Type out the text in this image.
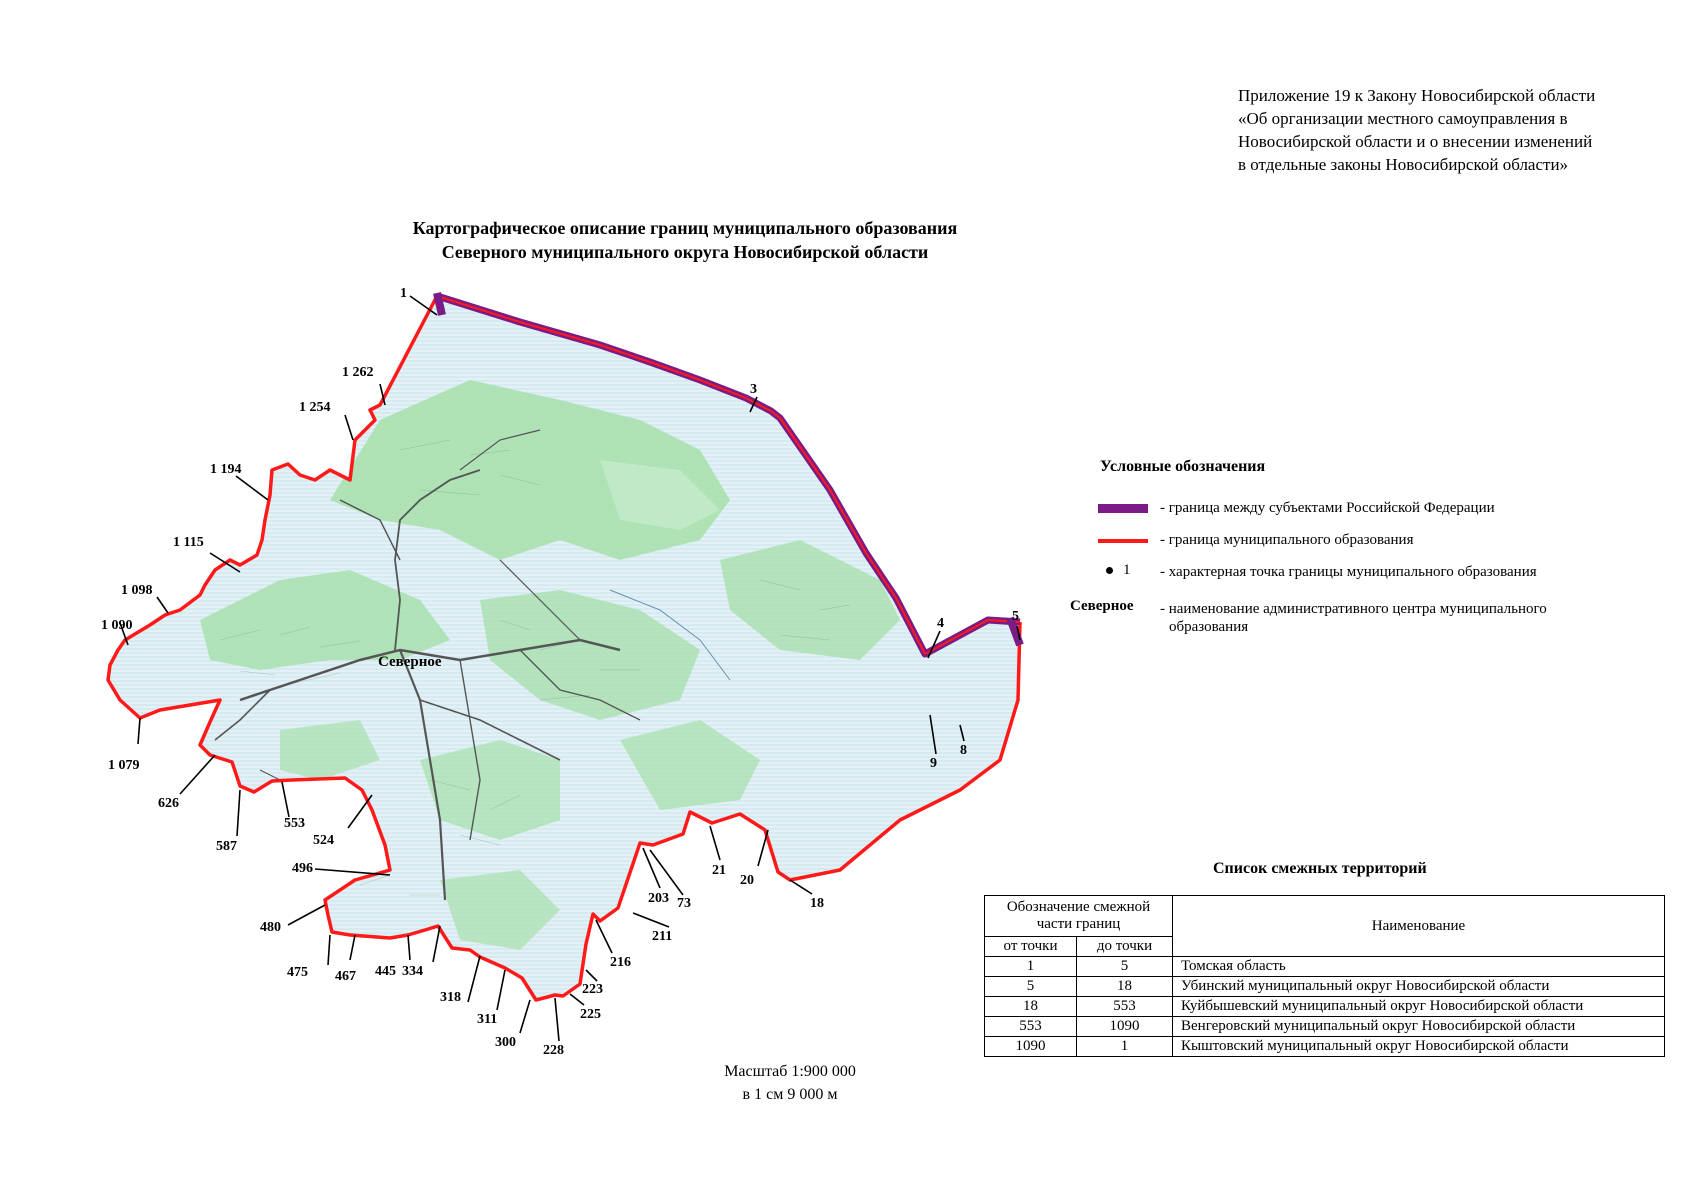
Приложение 19 к Закону Новосибирской области
«Об организации местного самоуправления в
Новосибирской области и о внесении изменений
в отдельные законы Новосибирской области»
Картографическое описание границ муниципального образования
Северного муниципального округа Новосибирской области
1
3
4	5
8
9
18
20
21
73
203
211
216
223
225
228
300
311
318
334
445
467
475
480
496
524
553
587
626
1 079
1 090
1 098
1 115
1 194
1 254
1 262
Северное
Масштаб 1:900 000
в 1 см 9 000 м
Условные обозначения
- граница между субъектами Российской Федерации
- граница муниципального образования
1	- характерная точка границы муниципального образования
Северное - наименование административного центра муниципального
образования
Список смежных территорий
Обозначение смежной части границ		Наименование
от точки	до точки	
1	5	Томская область
5	18	Убинский муниципальный округ Новосибирской области
18	553	Куйбышевский муниципальный округ Новосибирской области
553	1090	Венгеровский муниципальный округ Новосибирской области
1090	1	Кыштовский муниципальный округ Новосибирской области
